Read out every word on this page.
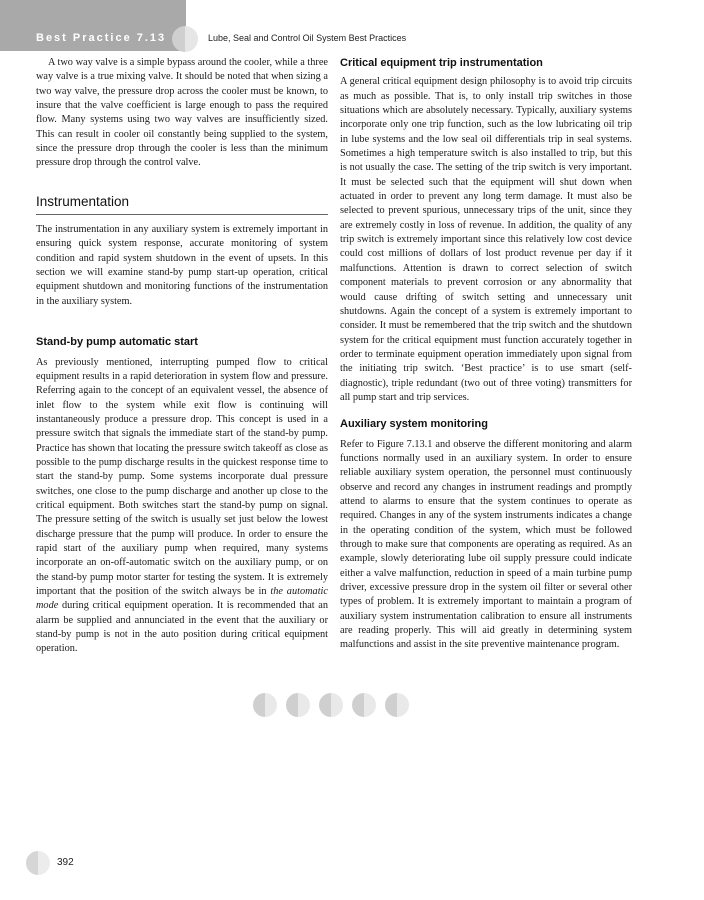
Best Practice 7.13	Lube, Seal and Control Oil System Best Practices

A two way valve is a simple bypass around the cooler, while a three way valve is a true mixing valve. It should be noted that when sizing a two way valve, the pressure drop across the cooler must be known, to insure that the valve coefficient is large enough to pass the required flow. Many systems using two way valves are insufficiently sized. This can result in cooler oil constantly being supplied to the system, since the pressure drop through the cooler is less than the minimum pressure drop through the control valve.

Instrumentation

The instrumentation in any auxiliary system is extremely important in ensuring quick system response, accurate monitoring of system condition and rapid system shutdown in the event of upsets. In this section we will examine stand-by pump start-up operation, critical equipment shutdown and monitoring functions of the instrumentation in the auxiliary system.

Stand-by pump automatic start

As previously mentioned, interrupting pumped flow to critical equipment results in a rapid deterioration in system flow and pressure. Referring again to the concept of an equivalent vessel, the absence of inlet flow to the system while exit flow is continuing will instantaneously produce a pressure drop. This concept is used in a pressure switch that signals the immediate start of the stand-by pump. Practice has shown that locating the pressure switch takeoff as close as possible to the pump discharge results in the quickest response time to start the stand-by pump. Some systems incorporate dual pressure switches, one close to the pump discharge and another up close to the critical equipment. Both switches start the stand-by pump on signal. The pressure setting of the switch is usually set just below the lowest discharge pressure that the pump will produce. In order to ensure the rapid start of the auxiliary pump when required, many systems incorporate an on-off-automatic switch on the auxiliary pump, or on the stand-by pump motor starter for testing the system. It is extremely important that the position of the switch always be in the automatic mode during critical equipment operation. It is recommended that an alarm be supplied and annunciated in the event that the auxiliary or stand-by pump is not in the auto position during critical equipment operation.

Critical equipment trip instrumentation

A general critical equipment design philosophy is to avoid trip circuits as much as possible. That is, to only install trip switches in those situations which are absolutely necessary. Typically, auxiliary systems incorporate only one trip function, such as the low lubricating oil trip in lube systems and the low seal oil differentials trip in seal systems. Sometimes a high temperature switch is also installed to trip, but this is not usually the case. The setting of the trip switch is very important. It must be selected such that the equipment will shut down when actuated in order to prevent any long term damage. It must also be selected to prevent spurious, unnecessary trips of the unit, since they are extremely costly in loss of revenue. In addition, the quality of any trip switch is extremely important since this relatively low cost device could cost millions of dollars of lost product revenue per day if it malfunctions. Attention is drawn to correct selection of switch component materials to prevent corrosion or any abnormality that would cause drifting of switch setting and unnecessary unit shutdowns. Again the concept of a system is extremely important to consider. It must be remembered that the trip switch and the shutdown system for the critical equipment must function accurately together in order to terminate equipment operation immediately upon signal from the initiating trip switch. ‘Best practice’ is to use smart (self-diagnostic), triple redundant (two out of three voting) transmitters for all pump start and trip services.

Auxiliary system monitoring

Refer to Figure 7.13.1 and observe the different monitoring and alarm functions normally used in an auxiliary system. In order to ensure reliable auxiliary system operation, the personnel must continuously observe and record any changes in instrument readings and promptly attend to alarms to ensure that the system continues to operate as required. Changes in any of the system instruments indicates a change in the operating condition of the system, which must be followed through to make sure that components are operating as required. As an example, slowly deteriorating lube oil supply pressure could indicate either a valve malfunction, reduction in speed of a main turbine pump driver, excessive pressure drop in the system oil filter or several other types of problem. It is extremely important to maintain a program of auxiliary system instrumentation calibration to ensure all instruments are reading properly. This will aid greatly in determining system malfunctions and assist in the site preventive maintenance program.

392
